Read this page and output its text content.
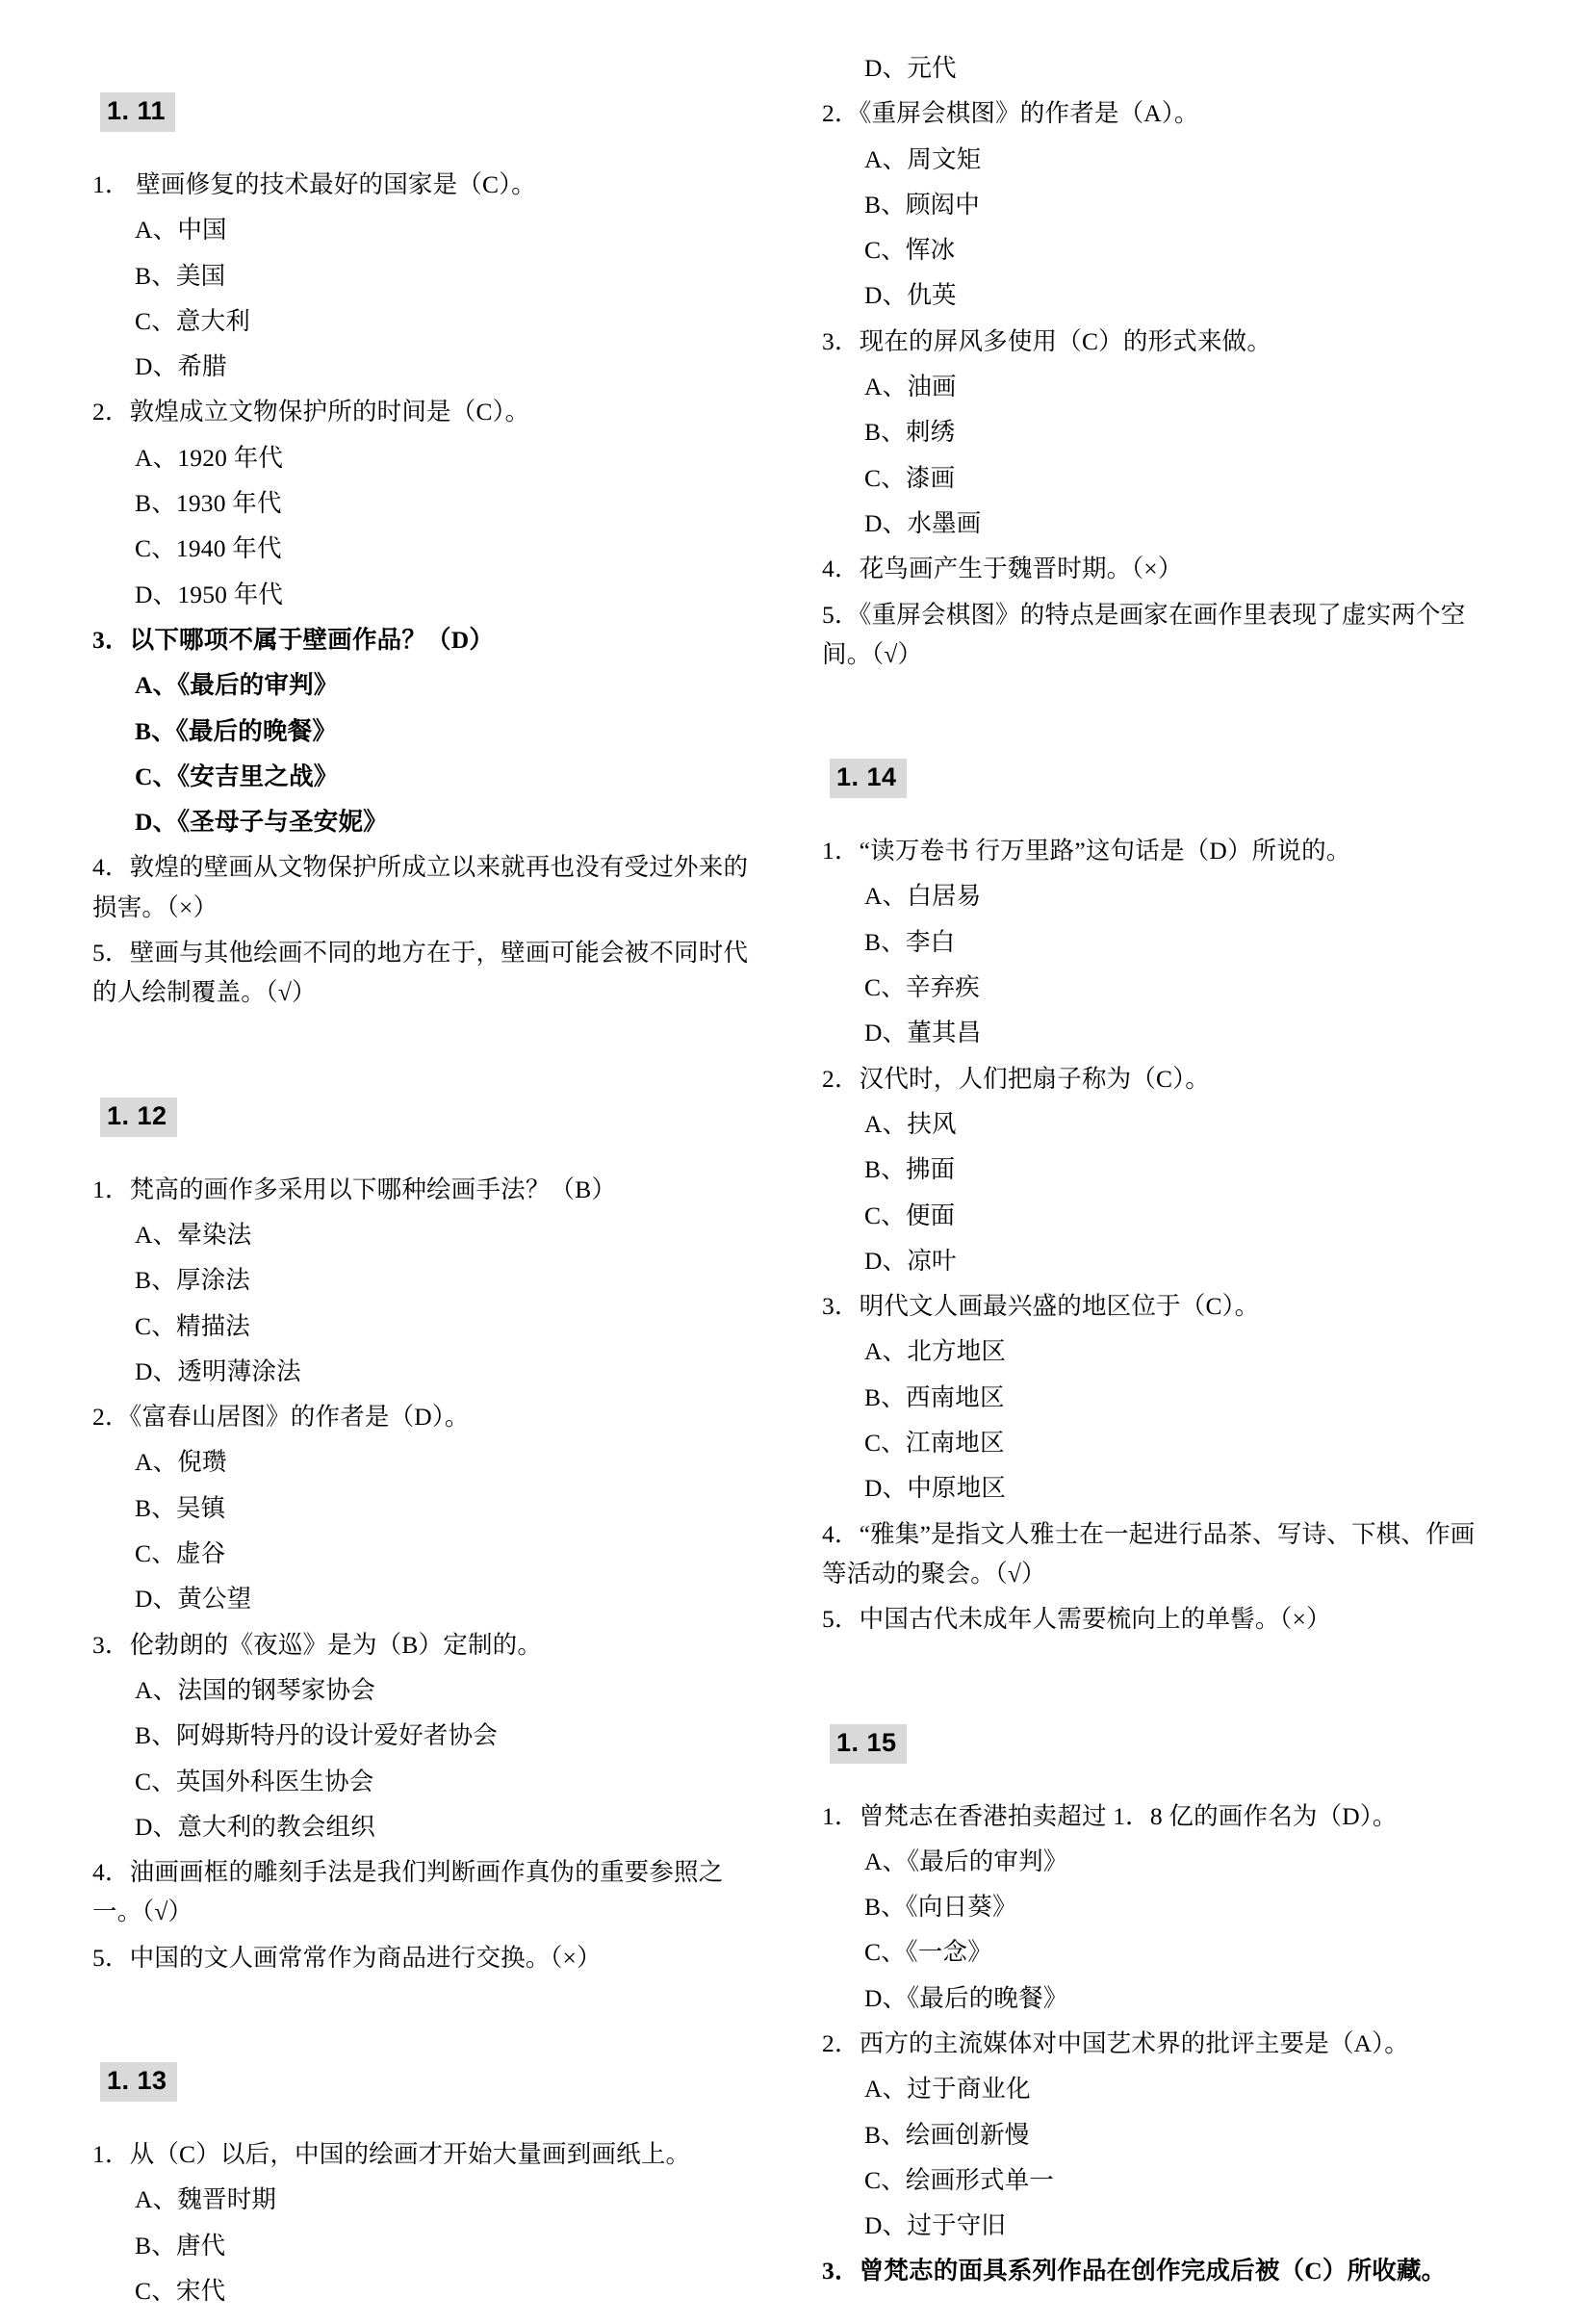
1. 11
1． 壁画修复的技术最好的国家是（C）。
A、中国
B、美国
C、意大利
D、希腊
2．敦煌成立文物保护所的时间是（C）。
A、1920 年代
B、1930 年代
C、1940 年代
D、1950 年代
3．以下哪项不属于壁画作品？（D）
A、《最后的审判》
B、《最后的晚餐》
C、《安吉里之战》
D、《圣母子与圣安妮》
4．敦煌的壁画从文物保护所成立以来就再也没有受过外来的损害。（×）
5．壁画与其他绘画不同的地方在于，壁画可能会被不同时代的人绘制覆盖。（√）
1. 12
1．梵高的画作多采用以下哪种绘画手法？（B）
A、晕染法
B、厚涂法
C、精描法
D、透明薄涂法
2．《富春山居图》的作者是（D）。
A、倪瓒
B、吴镇
C、虚谷
D、黄公望
3．伦勃朗的《夜巡》是为（B）定制的。
A、法国的钢琴家协会
B、阿姆斯特丹的设计爱好者协会
C、英国外科医生协会
D、意大利的教会组织
4．油画画框的雕刻手法是我们判断画作真伪的重要参照之一。（√）
5．中国的文人画常常作为商品进行交换。（×）
1. 13
1．从（C）以后，中国的绘画才开始大量画到画纸上。
A、魏晋时期
B、唐代
C、宋代
D、元代
2．《重屏会棋图》的作者是（A）。
A、周文矩
B、顾闳中
C、恽冰
D、仇英
3．现在的屏风多使用（C）的形式来做。
A、油画
B、刺绣
C、漆画
D、水墨画
4．花鸟画产生于魏晋时期。（×）
5．《重屏会棋图》的特点是画家在画作里表现了虚实两个空间。（√）
1. 14
1．“读万卷书 行万里路”这句话是（D）所说的。
A、白居易
B、李白
C、辛弃疾
D、董其昌
2．汉代时，人们把扇子称为（C）。
A、扶风
B、拂面
C、便面
D、凉叶
3．明代文人画最兴盛的地区位于（C）。
A、北方地区
B、西南地区
C、江南地区
D、中原地区
4．“雅集”是指文人雅士在一起进行品茶、写诗、下棋、作画等活动的聚会。（√）
5．中国古代未成年人需要梳向上的单髻。（×）
1. 15
1．曾梵志在香港拍卖超过 1．8 亿的画作名为（D）。
A、《最后的审判》
B、《向日葵》
C、《一念》
D、《最后的晚餐》
2．西方的主流媒体对中国艺术界的批评主要是（A）。
A、过于商业化
B、绘画创新慢
C、绘画形式单一
D、过于守旧
3．曾梵志的面具系列作品在创作完成后被（C）所收藏。
